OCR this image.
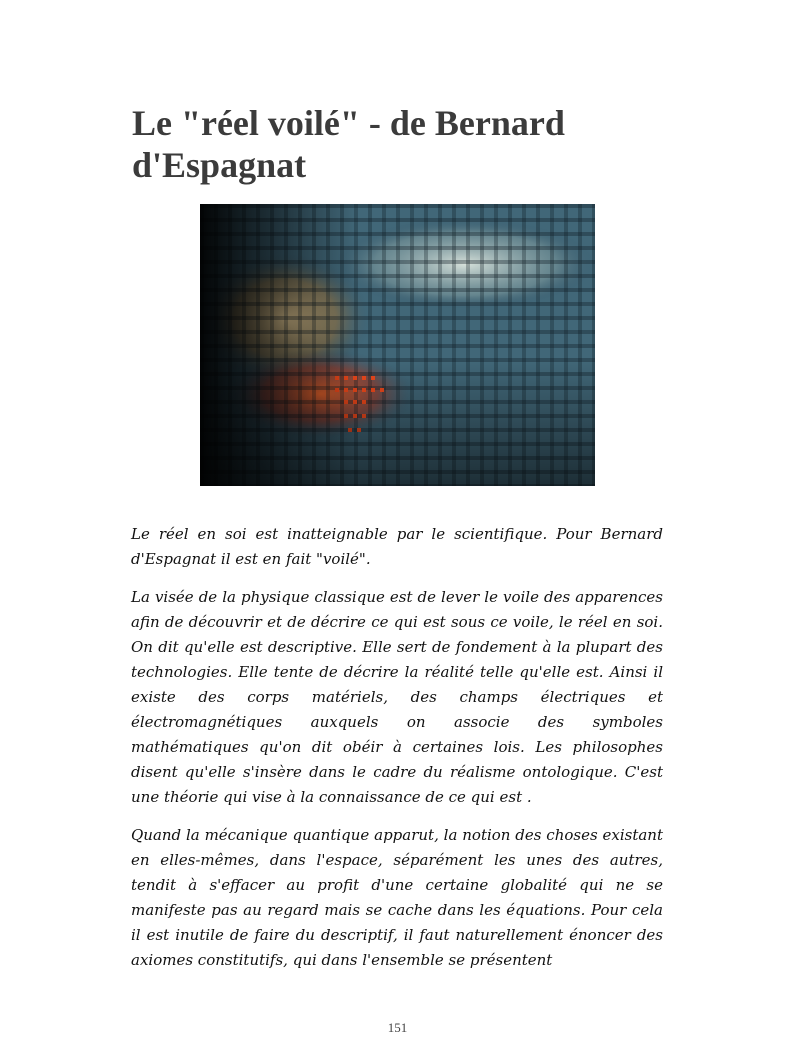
Le "réel voilé" - de Bernard d'Espagnat

Le réel en soi est inatteignable par le scientifique. Pour Bernard d'Espagnat il est en fait "voilé".

La visée de la physique classique est de lever le voile des apparences afin de découvrir et de décrire ce qui est sous ce voile, le réel en soi. On dit qu'elle est descriptive. Elle sert de fondement à la plupart des technologies. Elle tente de décrire la réalité telle qu'elle est. Ainsi il existe des corps matériels, des champs électriques et électromagnétiques auxquels on associe des symboles mathématiques qu'on dit obéir à certaines lois. Les philosophes disent qu'elle s'insère dans le cadre du réalisme ontologique. C'est une théorie qui vise à la connaissance de ce qui est .

Quand la mécanique quantique apparut, la notion des choses existant en elles-mêmes, dans l'espace, séparément les unes des autres, tendit à s'effacer au profit d'une certaine globalité qui ne se manifeste pas au regard mais se cache dans les équations. Pour cela il est inutile de faire du descriptif, il faut naturellement énoncer des axiomes constitutifs, qui dans l'ensemble se présentent

151
